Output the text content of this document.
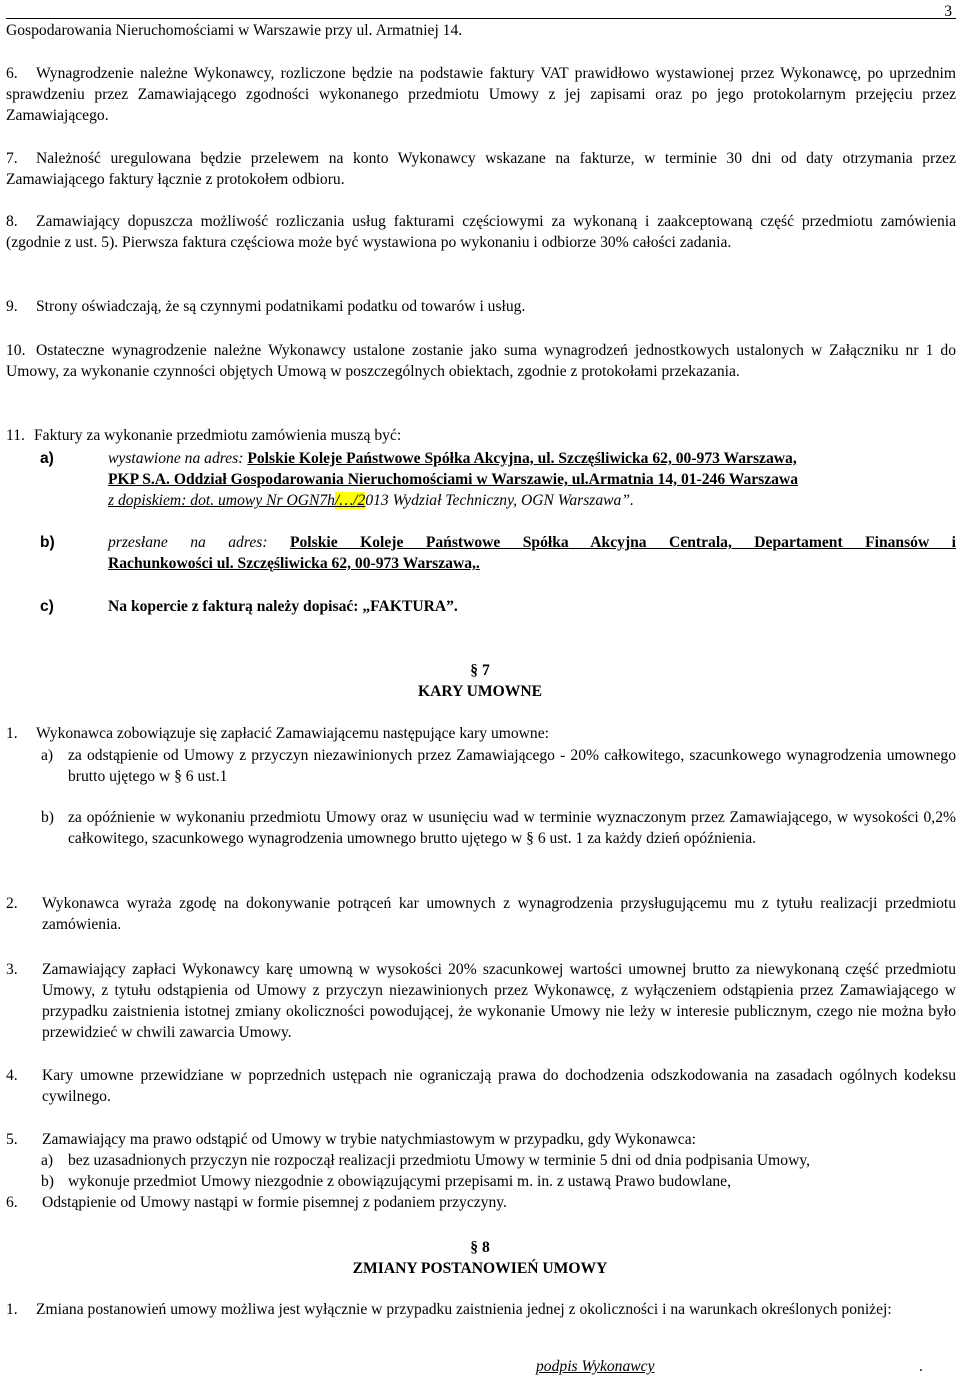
3
Gospodarowania Nieruchomościami w Warszawie przy ul. Armatniej 14.
6.	Wynagrodzenie należne Wykonawcy, rozliczone będzie na podstawie faktury VAT prawidłowo wystawionej przez Wykonawcę, po uprzednim sprawdzeniu przez Zamawiającego zgodności wykonanego przedmiotu Umowy z jej zapisami oraz po jego protokolarnym przejęciu przez Zamawiającego.
7.	Należność uregulowana będzie przelewem na konto Wykonawcy wskazane na fakturze, w terminie 30 dni od daty otrzymania przez Zamawiającego faktury łącznie z protokołem odbioru.
8.	Zamawiający dopuszcza możliwość rozliczania usług fakturami częściowymi za wykonaną i zaakceptowaną część przedmiotu zamówienia (zgodnie z ust. 5). Pierwsza faktura częściowa może być wystawiona po wykonaniu i odbiorze 30% całości zadania.
9.	Strony oświadczają, że są czynnymi podatnikami podatku od towarów i usług.
10. Ostateczne wynagrodzenie należne Wykonawcy ustalone zostanie jako suma wynagrodzeń jednostkowych ustalonych w Załączniku nr 1 do Umowy, za wykonanie czynności objętych Umową w poszczególnych obiektach, zgodnie z protokołami przekazania.
11. Faktury za wykonanie przedmiotu zamówienia muszą być:
a)	wystawione na adres: Polskie Koleje Państwowe Spółka Akcyjna, ul. Szczęśliwicka 62, 00-973 Warszawa,
PKP S.A. Oddział Gospodarowania Nieruchomościami w Warszawie, ul.Armatnia 14, 01-246 Warszawa
z dopiskiem: dot. umowy Nr OGN7h/…/2013 Wydział Techniczny, OGN Warszawa”.
b)	przesłane na adres: Polskie Koleje Państwowe Spółka Akcyjna Centrala, Departament Finansów i
Rachunkowości ul. Szczęśliwicka 62, 00-973 Warszawa,.
c)	Na kopercie z fakturą należy dopisać: „FAKTURA”.
§ 7
KARY UMOWNE
1. Wykonawca zobowiązuje się zapłacić Zamawiającemu następujące kary umowne:
a) za odstąpienie od Umowy z przyczyn niezawinionych przez Zamawiającego - 20% całkowitego, szacunkowego wynagrodzenia umownego brutto ujętego w § 6 ust.1
b) za opóźnienie w wykonaniu przedmiotu Umowy oraz w usunięciu wad w terminie wyznaczonym przez Zamawiającego, w wysokości 0,2% całkowitego, szacunkowego wynagrodzenia umownego brutto ujętego w § 6 ust. 1 za każdy dzień opóźnienia.
2. Wykonawca wyraża zgodę na dokonywanie potrąceń kar umownych z wynagrodzenia przysługującemu mu z tytułu realizacji przedmiotu zamówienia.
3. Zamawiający zapłaci Wykonawcy karę umowną w wysokości 20% szacunkowej wartości umownej brutto za niewykonaną część przedmiotu Umowy, z tytułu odstąpienia od Umowy z przyczyn niezawinionych przez Wykonawcę, z wyłączeniem odstąpienia przez Zamawiającego w przypadku zaistnienia istotnej zmiany okoliczności powodującej, że wykonanie Umowy nie leży w interesie publicznym, czego nie można było przewidzieć w chwili zawarcia Umowy.
4. Kary umowne przewidziane w poprzednich ustępach nie ograniczają prawa do dochodzenia odszkodowania na zasadach ogólnych kodeksu cywilnego.
5. Zamawiający ma prawo odstąpić od Umowy w trybie natychmiastowym w przypadku, gdy Wykonawca:
a) bez uzasadnionych przyczyn nie rozpoczął realizacji przedmiotu Umowy w terminie 5 dni od dnia podpisania Umowy,
b) wykonuje przedmiot Umowy niezgodnie z obowiązującymi przepisami m. in. z ustawą Prawo budowlane,
6. Odstąpienie od Umowy nastąpi w formie pisemnej z podaniem przyczyny.
§ 8
ZMIANY POSTANOWIEŃ UMOWY
1.	Zmiana postanowień umowy możliwa jest wyłącznie w przypadku zaistnienia jednej z okoliczności i na warunkach określonych poniżej:
podpis Wykonawcy	.
